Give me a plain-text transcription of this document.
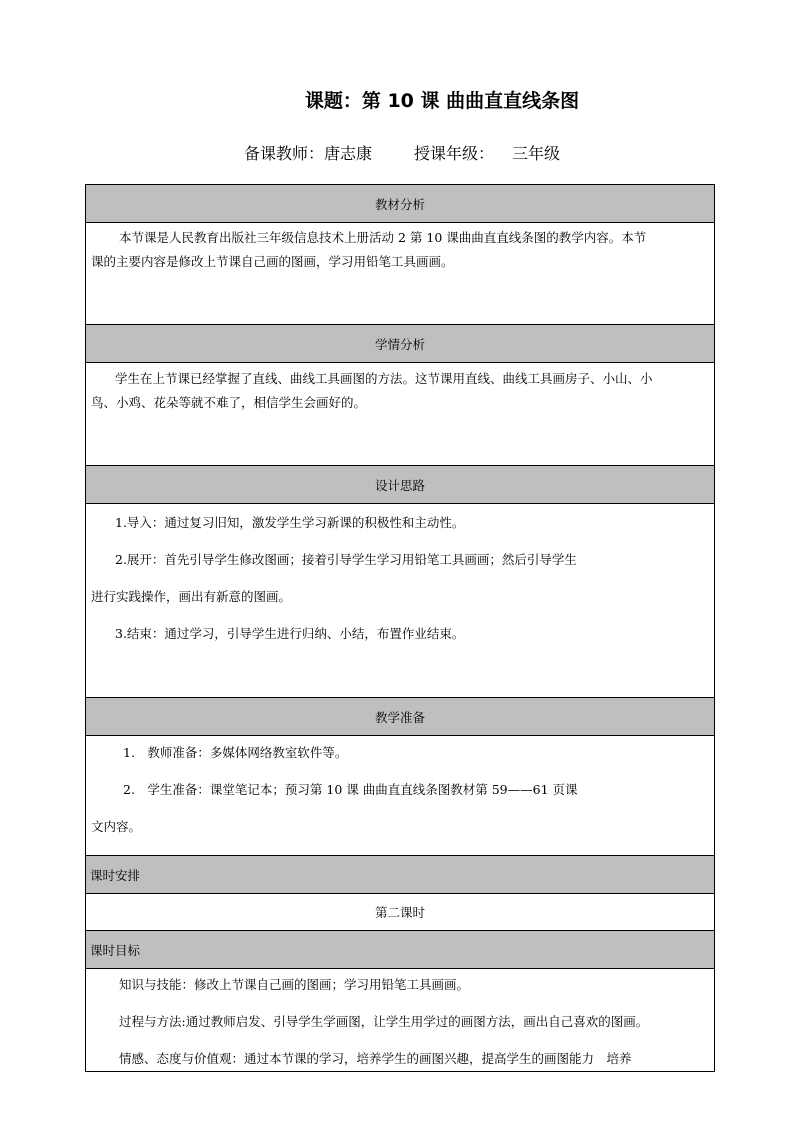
课题：第 10 课 曲曲直直线条图
备课教师：唐志康	授课年级： 三年级
教材分析

本节课是人民教育出版社三年级信息技术上册活动 2 第 10 课曲曲直直线条图的教学内容。本节

课的主要内容是修改上节课自己画的图画，学习用铅笔工具画画。

学情分析

学生在上节课已经掌握了直线、曲线工具画图的方法。这节课用直线、曲线工具画房子、小山、小

鸟、小鸡、花朵等就不难了，相信学生会画好的。

设计思路

1.导入：通过复习旧知，激发学生学习新课的积极性和主动性。

2.展开：首先引导学生修改图画；接着引导学生学习用铅笔工具画画；然后引导学生

进行实践操作，画出有新意的图画。

3.结束：通过学习，引导学生进行归纳、小结，布置作业结束。

教学准备

1.　教师准备：多媒体网络教室软件等。

2.　学生准备：课堂笔记本；预习第 10 课 曲曲直直线条图教材第 59——61 页课

文内容。

课时安排
第二课时
课时目标

知识与技能：修改上节课自己画的图画；学习用铅笔工具画画。

过程与方法:通过教师启发、引导学生学画图，让学生用学过的画图方法，画出自己喜欢的图画。

情感、态度与价值观：通过本节课的学习，培养学生的画图兴趣，提高学生的画图能力　培养
